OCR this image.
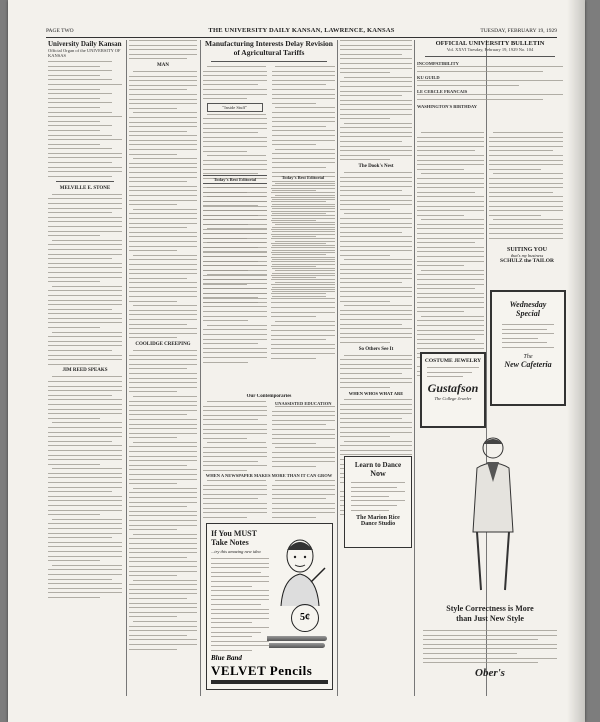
PAGE TWO	THE UNIVERSITY DAILY KANSAN, LAWRENCE, KANSAS	TUESDAY, FEBRUARY 19, 1929
University Daily Kansan
Official Organ of the UNIVERSITY OF KANSAS
MELVILLE E. STONE
JIM REED SPEAKS
MAN
COOLIDGE CREEPING
Manufacturing Interests Delay Revision of Agricultural Tariffs
"Inside Stuff"
Today's Best Editorial	Today's Best Editorial
Our Contemporaries
UNASSISTED EDUCATION
WHEN A NEWSPAPER MAKES MORE THAN IT CAN GROW
If You MUST
Take Notes
...try this amazing new idea
5¢
Blue Band
VELVET Pencils
The Dook's Nest
So Others See It
WHEN WHOS WHAT ARE
Learn to Dance
Now
The Marion Rice Dance Studio
OFFICIAL UNIVERSITY BULLETIN
Vol. XXVI Tuesday, February 19, 1929 No. 104
INCOMPATIBILITY
KU GUILD
LE CERCLE FRANCAIS
WASHINGTON'S BIRTHDAY
COSTUME JEWELRY
Gustafson
The College Jeweler
SUITING YOU
that's my business
SCHULZ the TAILOR
Wednesday
Special
The
New Cafeteria
Style Correctness is More
than Just New Style
Ober's
